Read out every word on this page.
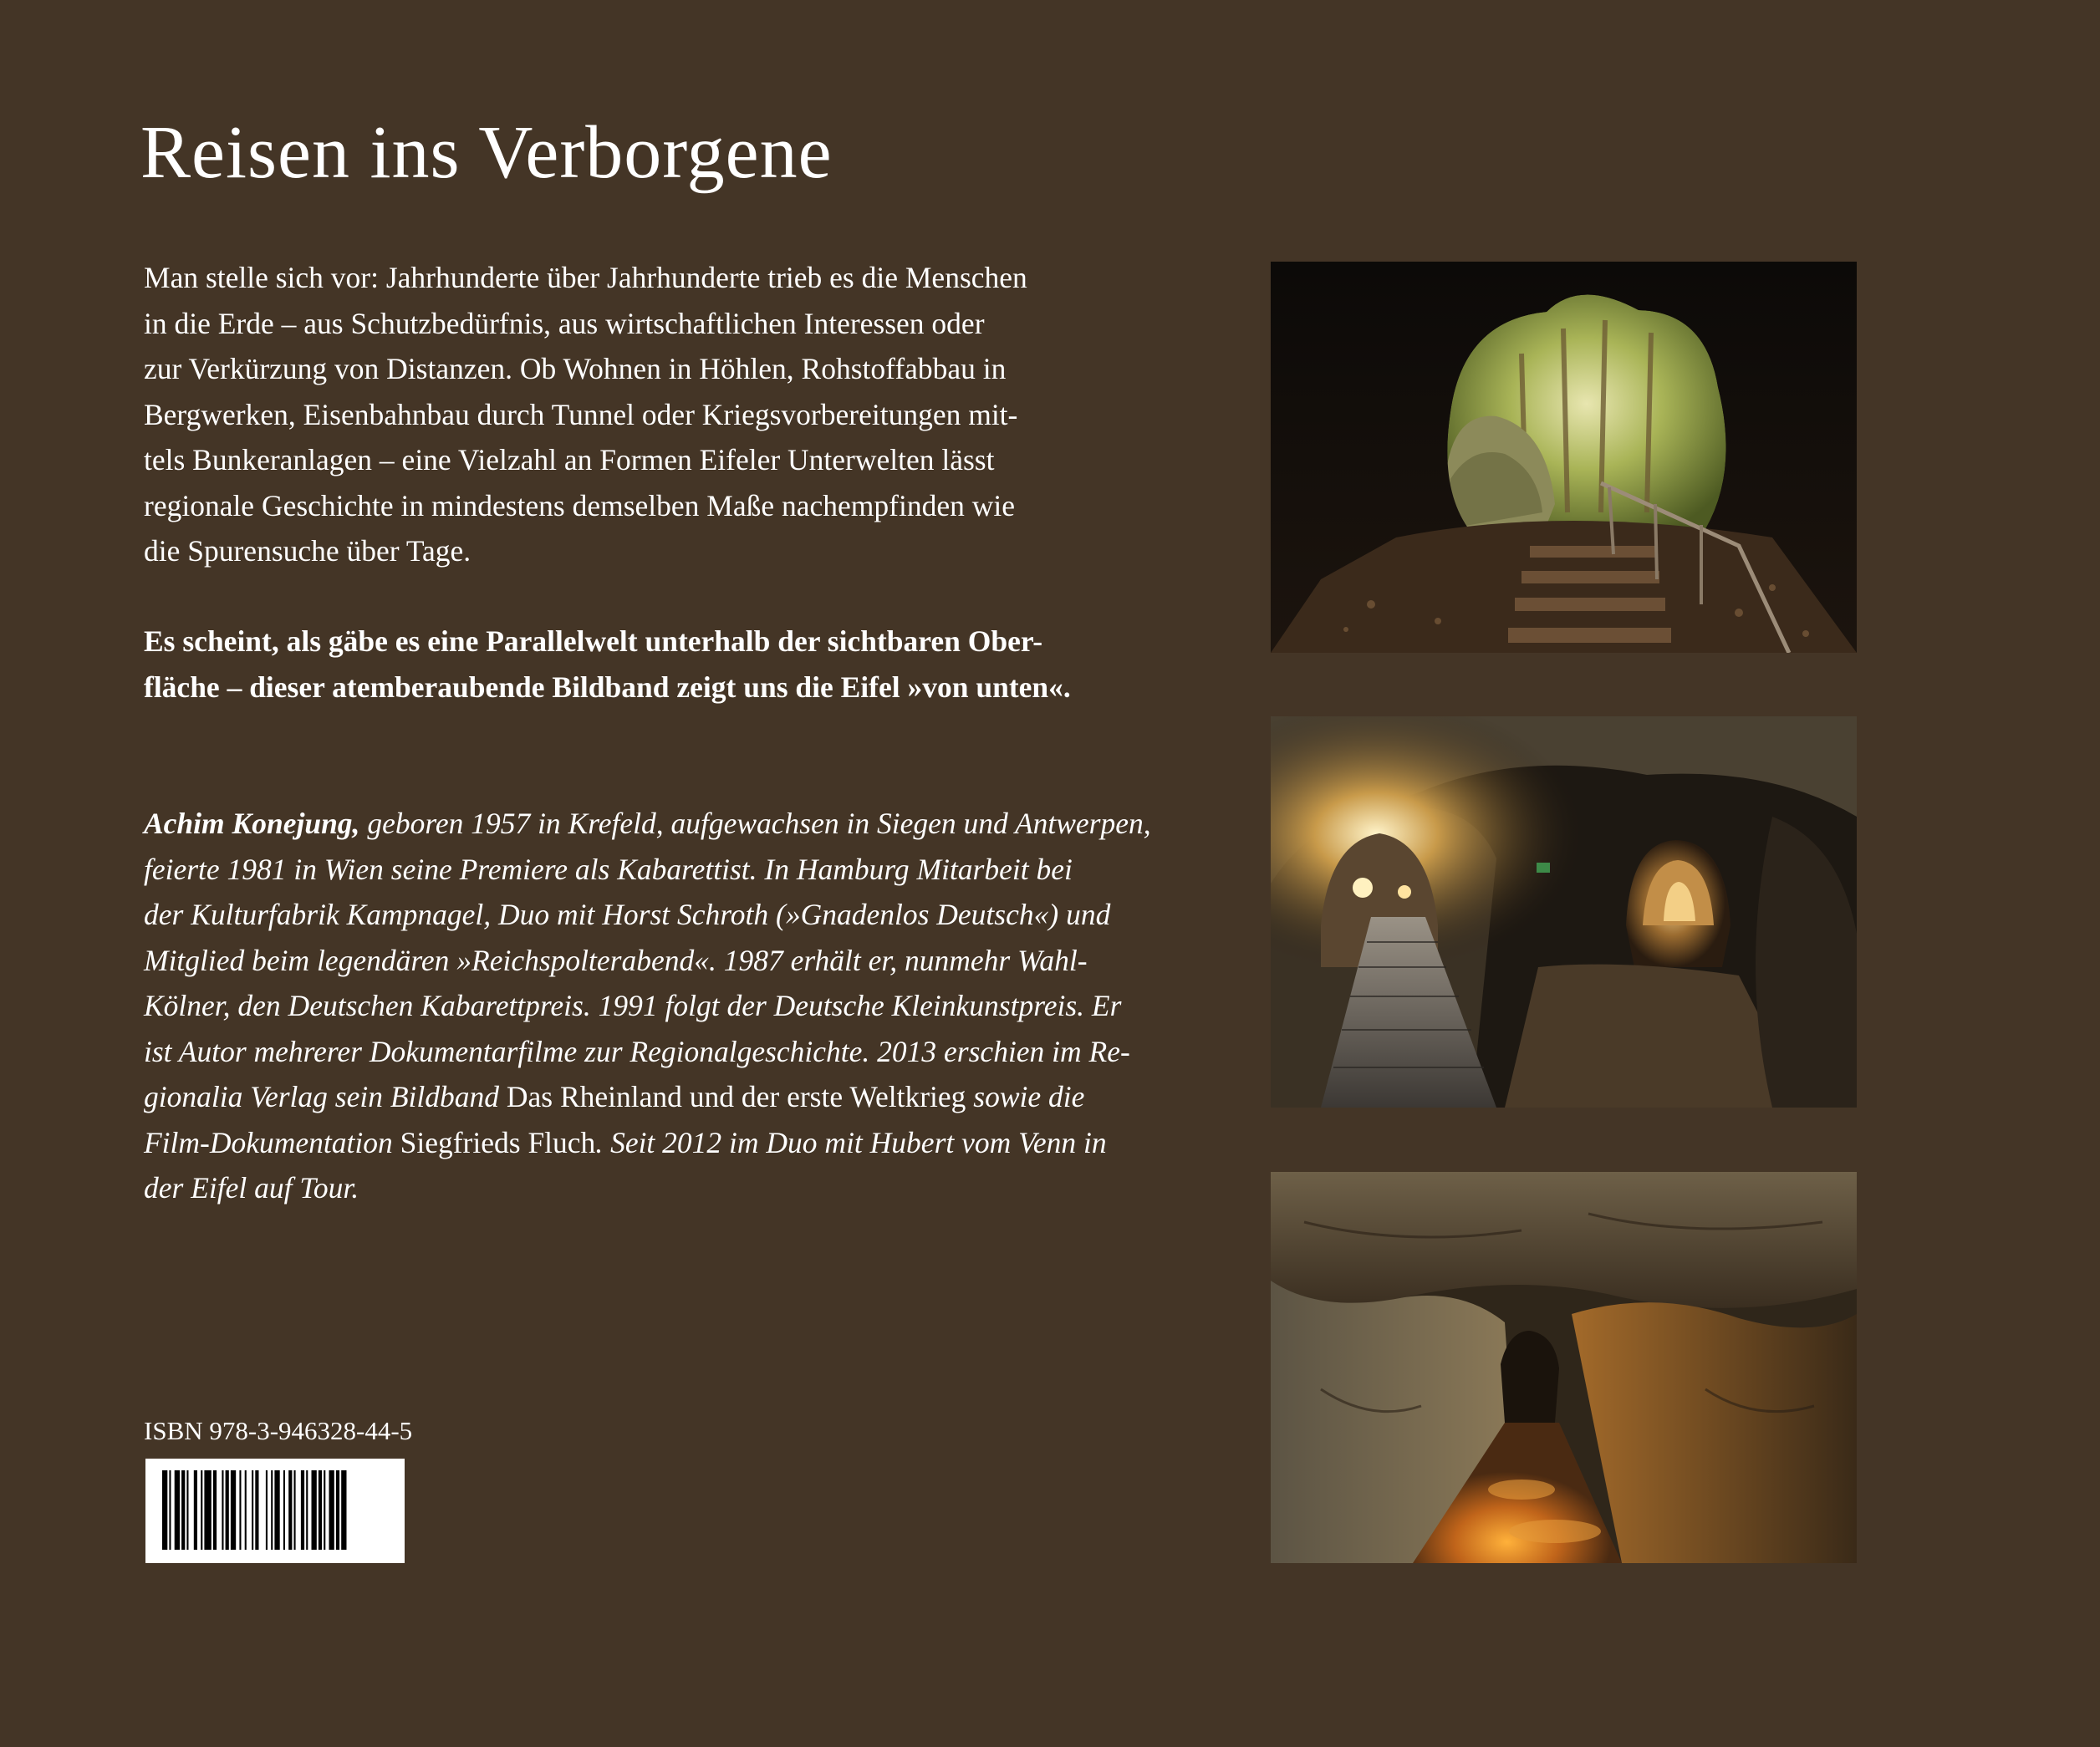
Reisen ins Verborgene
Man stelle sich vor: Jahrhunderte über Jahrhunderte trieb es die Menschen
in die Erde – aus Schutzbedürfnis, aus wirtschaftlichen Interessen oder
zur Verkürzung von Distanzen. Ob Wohnen in Höhlen, Rohstoffabbau in
Bergwerken, Eisenbahnbau durch Tunnel oder Kriegsvorbereitungen mit-
tels Bunkeranlagen – eine Vielzahl an Formen Eifeler Unterwelten lässt
regionale Geschichte in mindestens demselben Maße nachempfinden wie
die Spurensuche über Tage.
Es scheint, als gäbe es eine Parallelwelt unterhalb der sichtbaren Ober-
fläche – dieser atemberaubende Bildband zeigt uns die Eifel »von unten«.
Achim Konejung, geboren 1957 in Krefeld, aufgewachsen in Siegen und Antwerpen,
feierte 1981 in Wien seine Premiere als Kabarettist. In Hamburg Mitarbeit bei
der Kulturfabrik Kampnagel, Duo mit Horst Schroth (»Gnadenlos Deutsch«) und
Mitglied beim legendären »Reichspolterabend«. 1987 erhält er, nunmehr Wahl-
Kölner, den Deutschen Kabarettpreis. 1991 folgt der Deutsche Kleinkunstpreis. Er
ist Autor mehrerer Dokumentarfilme zur Regionalgeschichte. 2013 erschien im Re-
gionalia Verlag sein Bildband Das Rheinland und der erste Weltkrieg sowie die
Film-Dokumentation Siegfrieds Fluch. Seit 2012 im Duo mit Hubert vom Venn in
der Eifel auf Tour.
ISBN 978-3-946328-44-5
